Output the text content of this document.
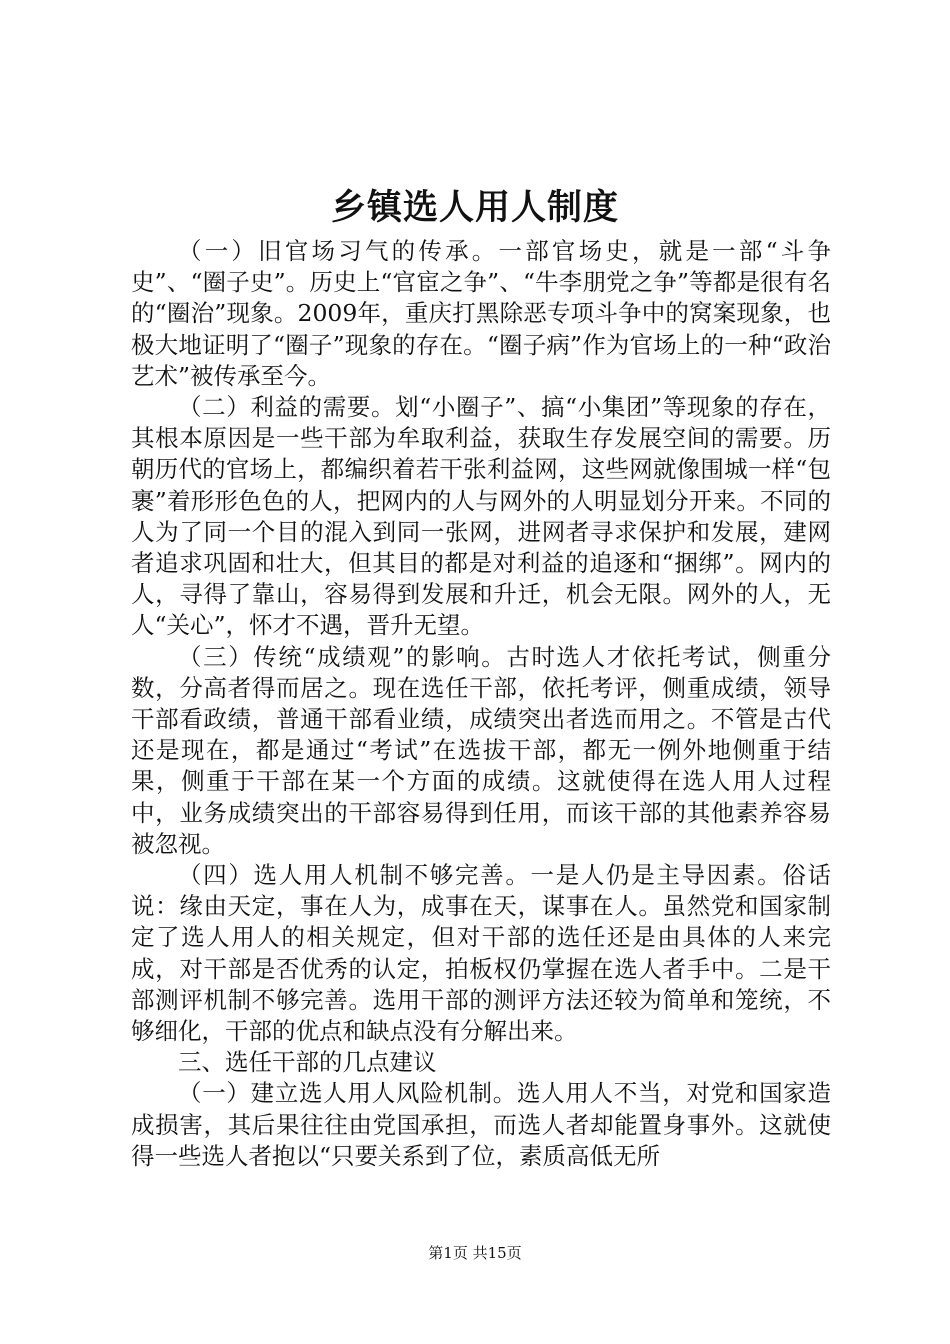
乡镇选人用人制度

（一）旧官场习气的传承。一部官场史，就是一部“斗争史”、“圈子史”。历史上“官宦之争”、“牛李朋党之争”等都是很有名的“圈治”现象。2009年，重庆打黑除恶专项斗争中的窝案现象，也极大地证明了“圈子”现象的存在。“圈子病”作为官场上的一种“政治艺术”被传承至今。

（二）利益的需要。划“小圈子”、搞“小集团”等现象的存在，其根本原因是一些干部为牟取利益，获取生存发展空间的需要。历朝历代的官场上，都编织着若干张利益网，这些网就像围城一样“包裹”着形形色色的人，把网内的人与网外的人明显划分开来。不同的人为了同一个目的混入到同一张网，进网者寻求保护和发展，建网者追求巩固和壮大，但其目的都是对利益的追逐和“捆绑”。网内的人，寻得了靠山，容易得到发展和升迁，机会无限。网外的人，无人“关心”，怀才不遇，晋升无望。

（三）传统“成绩观”的影响。古时选人才依托考试，侧重分数，分高者得而居之。现在选任干部，依托考评，侧重成绩，领导干部看政绩，普通干部看业绩，成绩突出者选而用之。不管是古代还是现在，都是通过“考试”在选拔干部，都无一例外地侧重于结果，侧重于干部在某一个方面的成绩。这就使得在选人用人过程中，业务成绩突出的干部容易得到任用，而该干部的其他素养容易被忽视。

（四）选人用人机制不够完善。一是人仍是主导因素。俗话说：缘由天定，事在人为，成事在天，谋事在人。虽然党和国家制定了选人用人的相关规定，但对干部的选任还是由具体的人来完成，对干部是否优秀的认定，拍板权仍掌握在选人者手中。二是干部测评机制不够完善。选用干部的测评方法还较为简单和笼统，不够细化，干部的优点和缺点没有分解出来。

三、选任干部的几点建议

（一）建立选人用人风险机制。选人用人不当，对党和国家造成损害，其后果往往由党国承担，而选人者却能置身事外。这就使得一些选人者抱以“只要关系到了位，素质高低无所

第1页 共15页
